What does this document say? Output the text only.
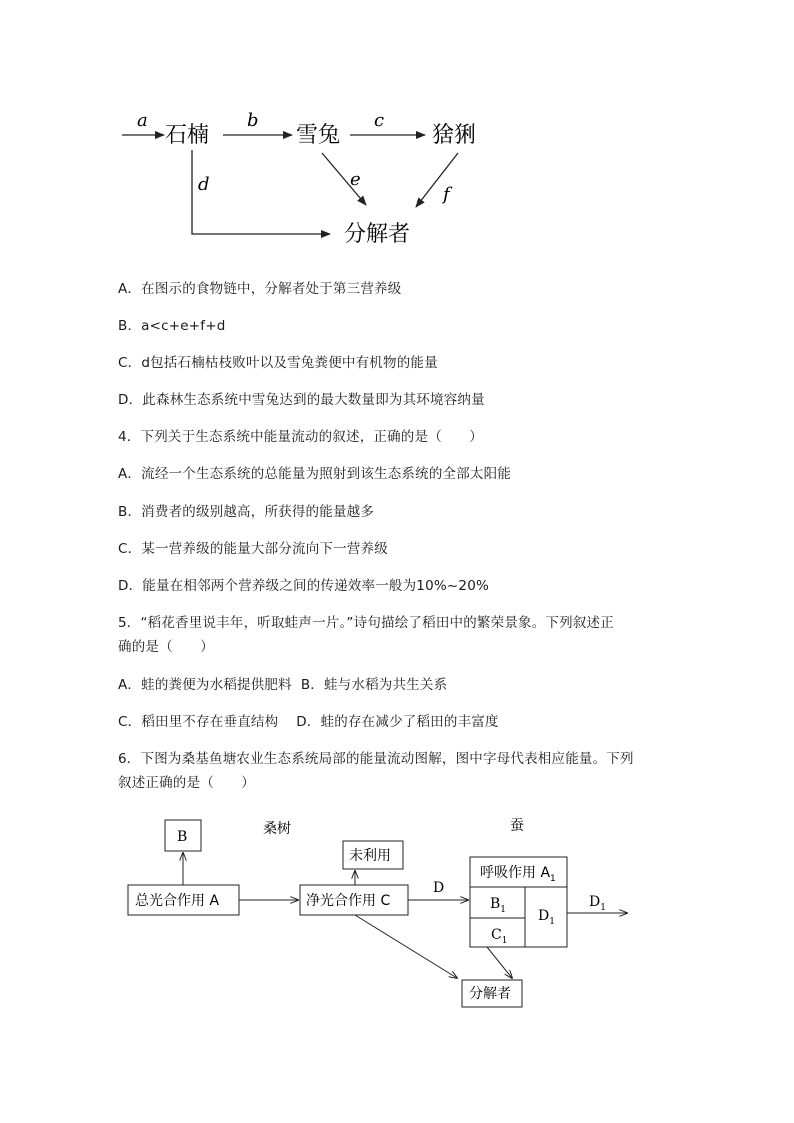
a
石楠
b
雪兔
c
猞猁
d	e
f
分解者
A．在图示的食物链中，分解者处于第三营养级
B．a<c+e+f+d
C．d包括石楠枯枝败叶以及雪兔粪便中有机物的能量
D．此森林生态系统中雪兔达到的最大数量即为其环境容纳量
4．下列关于生态系统中能量流动的叙述，正确的是（　　）
A．流经一个生态系统的总能量为照射到该生态系统的全部太阳能
B．消费者的级别越高，所获得的能量越多
C．某一营养级的能量大部分流向下一营养级
D．能量在相邻两个营养级之间的传递效率一般为10%~20%
5．“稻花香里说丰年，听取蛙声一片。”诗句描绘了稻田中的繁荣景象。下列叙述正
确的是（　　）
A．蛙的粪便为水稻提供肥料  B．蛙与水稻为共生关系
C．稻田里不存在垂直结构    D．蛙的存在减少了稻田的丰富度
6．下图为桑基鱼塘农业生态系统局部的能量流动图解，图中字母代表相应能量。下列
叙述正确的是（　　）
桑树	蚕
B
总光合作用 A	净光合作用 C
未利用
D
呼吸作用 $A_1$
$B_1$
$C_1$
$D_1$
$D_1$
分解者
